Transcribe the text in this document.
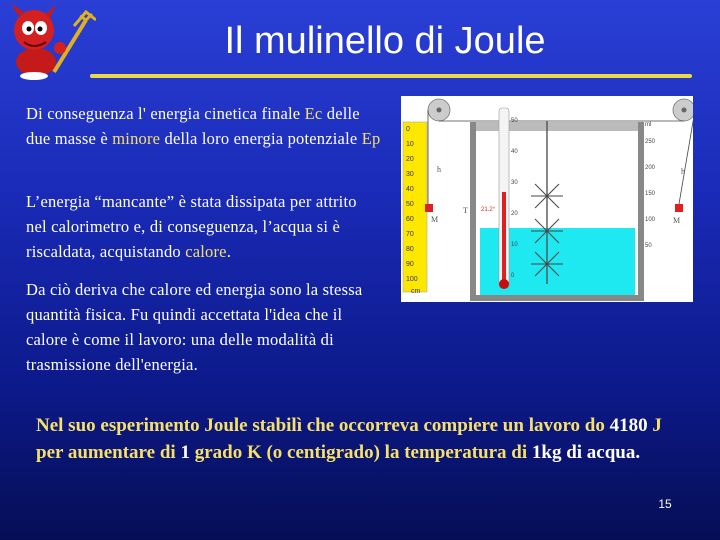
Il mulinello di Joule
Di conseguenza l' energia cinetica finale Ec delle due masse è minore della loro energia potenziale Ep
L’energia “mancante” è stata dissipata per attrito nel calorimetro e, di conseguenza, l’acqua si è riscaldata, acquistando calore.
Da ciò deriva che calore ed energia sono la stessa quantità fisica. Fu quindi accettata l'idea che il calore è come il lavoro: una delle modalità di trasmissione dell'energia.
0
10
20
30
40
50
60
70
80
90
100
cm
h	h
M	M
T 21.2°
50
40
30
20
10
0
ml
250
200
150
100
50
Nel suo esperimento Joule stabilì che occorreva compiere un lavoro do 4180 J per aumentare di 1 grado K (o centigrado) la temperatura di 1kg di acqua.
15
